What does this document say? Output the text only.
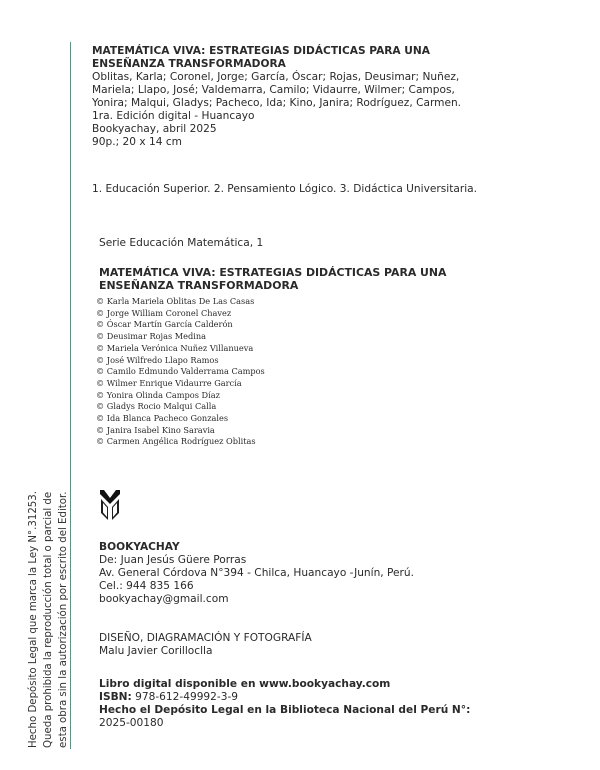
Hecho Depósito Legal que marca la Ley N°.31253. Queda prohibida la reproducción total o parcial de esta obra sin la autorización por escrito del Editor.
MATEMÁTICA VIVA: ESTRATEGIAS DIDÁCTICAS PARA UNA
ENSEÑANZA TRANSFORMADORA
Oblitas, Karla; Coronel, Jorge; García, Óscar; Rojas, Deusimar; Nuñez,
Mariela; Llapo, José; Valdemarra, Camilo; Vidaurre, Wilmer; Campos,
Yonira; Malqui, Gladys; Pacheco, Ida; Kino, Janira; Rodríguez, Carmen.
1ra. Edición digital - Huancayo
Bookyachay, abril 2025
90p.; 20 x 14 cm
1. Educación Superior. 2. Pensamiento Lógico. 3. Didáctica Universitaria.
Serie Educación Matemática, 1
MATEMÁTICA VIVA: ESTRATEGIAS DIDÁCTICAS PARA UNA
ENSEÑANZA TRANSFORMADORA
© Karla Mariela Oblitas De Las Casas
© Jorge William Coronel Chavez
© Óscar Martín García Calderón
© Deusimar Rojas Medina
© Mariela Verónica Nuñez Villanueva
© José Wilfredo Llapo Ramos
© Camilo Edmundo Valderrama Campos
© Wilmer Enrique Vidaurre García
© Yonira Olinda Campos Díaz
© Gladys Rocio Malqui Calla
© Ida Blanca Pacheco Gonzales
© Janira Isabel Kino Saravia
© Carmen Angélica Rodríguez Oblitas
BOOKYACHAY
De: Juan Jesús Güere Porras
Av. General Córdova N°394 - Chilca, Huancayo -Junín, Perú.
Cel.: 944 835 166
bookyachay@gmail.com
DISEÑO, DIAGRAMACIÓN Y FOTOGRAFÍA
Malu Javier Corilloclla
Libro digital disponible en www.bookyachay.com
ISBN: 978-612-49992-3-9
Hecho el Depósito Legal en la Biblioteca Nacional del Perú N°:
2025-00180
